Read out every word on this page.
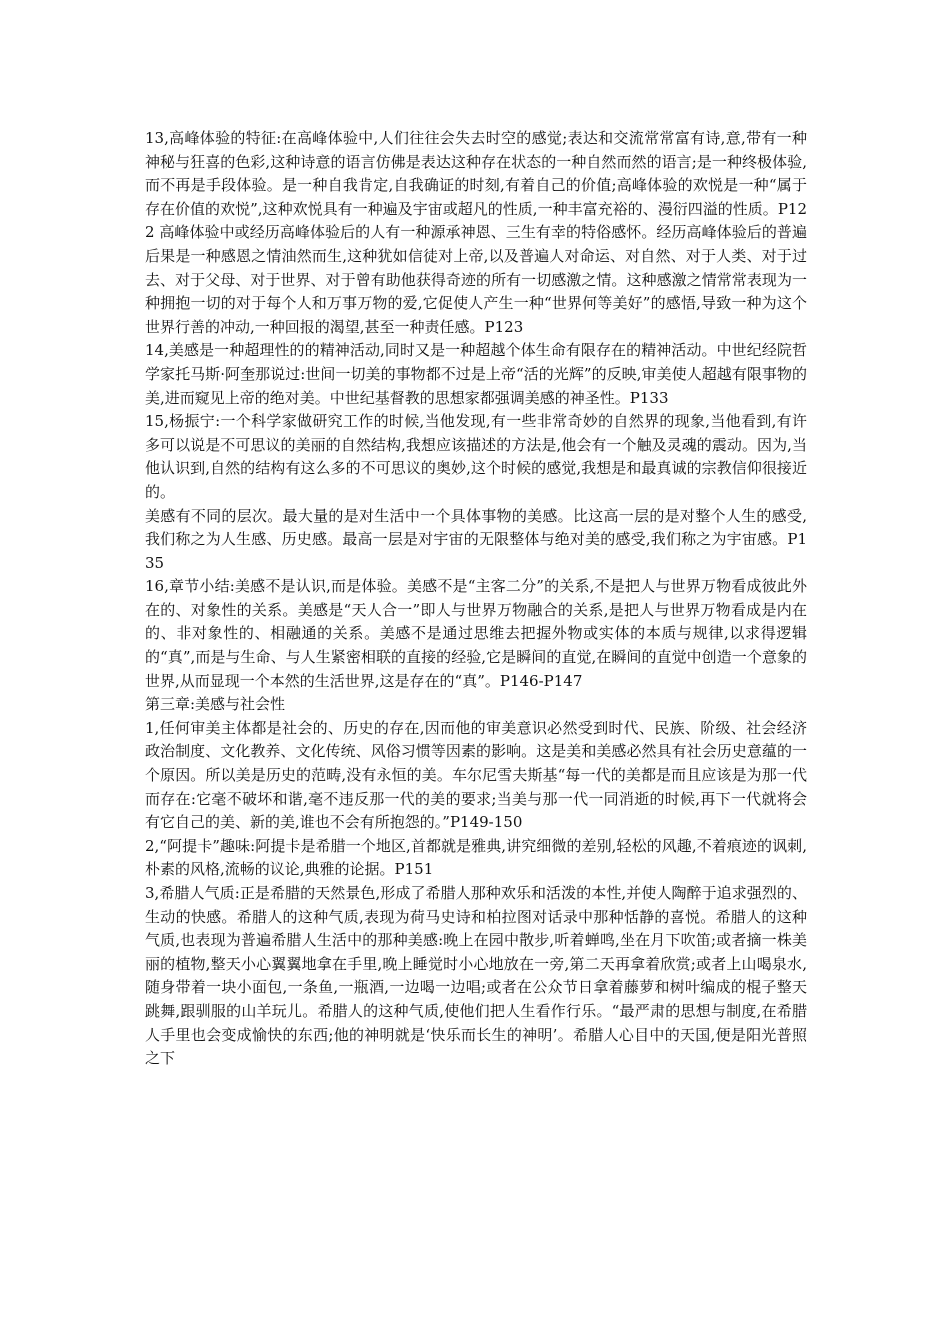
13,高峰体验的特征:在高峰体验中,人们往往会失去时空的感觉;表达和交流常常富有诗,意,带有一种神秘与狂喜的色彩,这种诗意的语言仿佛是表达这种存在状态的一种自然而然的语言;是一种终极体验,而不再是手段体验。是一种自我肯定,自我确证的时刻,有着自己的价值;高峰体验的欢悦是一种“属于存在价值的欢悦”,这种欢悦具有一种遍及宇宙或超凡的性质,一种丰富充裕的、漫衍四溢的性质。P122 高峰体验中或经历高峰体验后的人有一种源承神恩、三生有幸的特俗感怀。经历高峰体验后的普遍后果是一种感恩之情油然而生,这种犹如信徒对上帝,以及普遍人对命运、对自然、对于人类、对于过去、对于父母、对于世界、对于曾有助他获得奇迹的所有一切感激之情。这种感激之情常常表现为一种拥抱一切的对于每个人和万事万物的爱,它促使人产生一种“世界何等美好”的感悟,导致一种为这个世界行善的冲动,一种回报的渴望,甚至一种责任感。P123

14,美感是一种超理性的的精神活动,同时又是一种超越个体生命有限存在的精神活动。中世纪经院哲学家托马斯·阿奎那说过:世间一切美的事物都不过是上帝“活的光辉”的反映,审美使人超越有限事物的美,进而窥见上帝的绝对美。中世纪基督教的思想家都强调美感的神圣性。P133

15,杨振宁:一个科学家做研究工作的时候,当他发现,有一些非常奇妙的自然界的现象,当他看到,有许多可以说是不可思议的美丽的自然结构,我想应该描述的方法是,他会有一个触及灵魂的震动。因为,当他认识到,自然的结构有这么多的不可思议的奥妙,这个时候的感觉,我想是和最真诚的宗教信仰很接近的。

美感有不同的层次。最大量的是对生活中一个具体事物的美感。比这高一层的是对整个人生的感受,我们称之为人生感、历史感。最高一层是对宇宙的无限整体与绝对美的感受,我们称之为宇宙感。P135

16,章节小结:美感不是认识,而是体验。美感不是“主客二分”的关系,不是把人与世界万物看成彼此外在的、对象性的关系。美感是“天人合一”即人与世界万物融合的关系,是把人与世界万物看成是内在的、非对象性的、相融通的关系。美感不是通过思维去把握外物或实体的本质与规律,以求得逻辑的“真”,而是与生命、与人生紧密相联的直接的经验,它是瞬间的直觉,在瞬间的直觉中创造一个意象的世界,从而显现一个本然的生活世界,这是存在的“真”。P146-P147

第三章:美感与社会性

1,任何审美主体都是社会的、历史的存在,因而他的审美意识必然受到时代、民族、阶级、社会经济政治制度、文化教养、文化传统、风俗习惯等因素的影响。这是美和美感必然具有社会历史意蕴的一个原因。所以美是历史的范畴,没有永恒的美。车尔尼雪夫斯基“每一代的美都是而且应该是为那一代而存在:它毫不破坏和谐,毫不违反那一代的美的要求;当美与那一代一同消逝的时候,再下一代就将会有它自己的美、新的美,谁也不会有所抱怨的。”P149-150

2,“阿提卡”趣味:阿提卡是希腊一个地区,首都就是雅典,讲究细微的差别,轻松的风趣,不着痕迹的讽刺,朴素的风格,流畅的议论,典雅的论据。P151

3,希腊人气质:正是希腊的天然景色,形成了希腊人那种欢乐和活泼的本性,并使人陶醉于追求强烈的、生动的快感。希腊人的这种气质,表现为荷马史诗和柏拉图对话录中那种恬静的喜悦。希腊人的这种气质,也表现为普遍希腊人生活中的那种美感:晚上在园中散步,听着蝉鸣,坐在月下吹笛;或者摘一株美丽的植物,整天小心翼翼地拿在手里,晚上睡觉时小心地放在一旁,第二天再拿着欣赏;或者上山喝泉水,随身带着一块小面包,一条鱼,一瓶酒,一边喝一边唱;或者在公众节日拿着藤萝和树叶编成的棍子整天跳舞,跟驯服的山羊玩儿。希腊人的这种气质,使他们把人生看作行乐。“最严肃的思想与制度,在希腊人手里也会变成愉快的东西;他的神明就是‘快乐而长生的神明’。希腊人心目中的天国,便是阳光普照之下
